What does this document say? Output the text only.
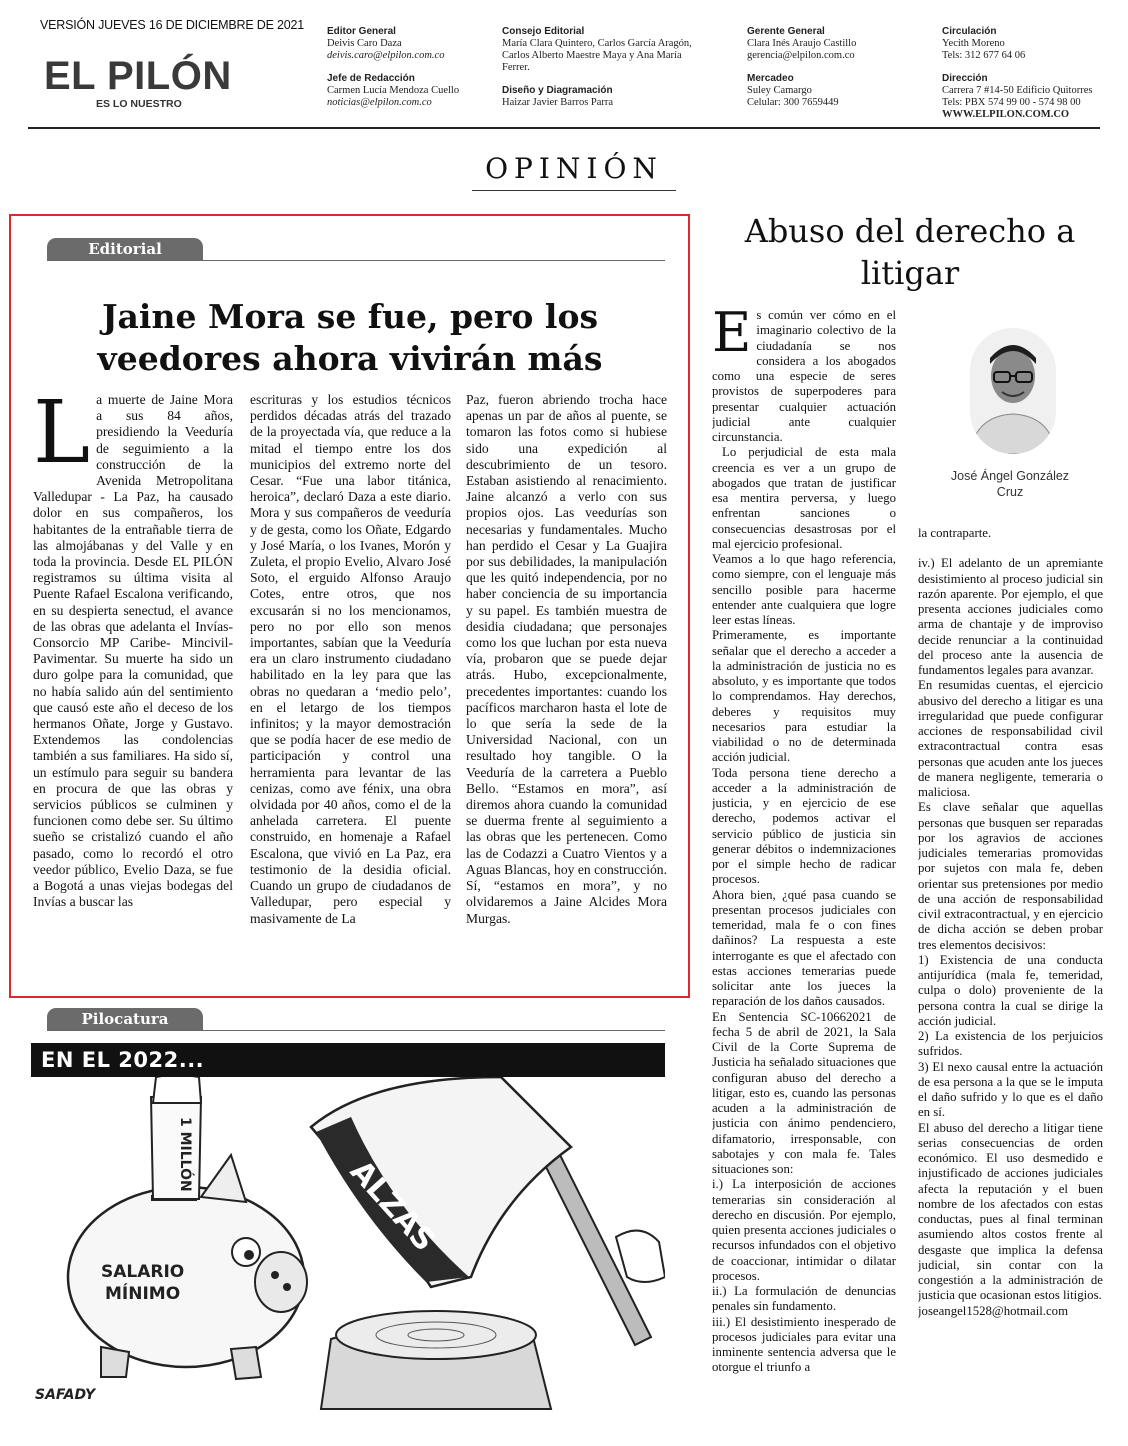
VERSIÓN JUEVES 16 DE DICIEMBRE DE 2021
EL PILÓN
ES LO NUESTRO
Editor General
Deivis Caro Daza
deivis.caro@elpilon.com.co
Jefe de Redacción
Carmen Lucía Mendoza Cuello
noticias@elpilon.com.co
Consejo Editorial
María Clara Quintero, Carlos García Aragón,
Carlos Alberto Maestre Maya y Ana María
Ferrer.
Diseño y Diagramación
Haizar Javier Barros Parra
Gerente General
Clara Inés Araujo Castillo
gerencia@elpilon.com.co
Mercadeo
Suley Camargo
Celular: 300 7659449
Circulación
Yecith Moreno
Tels: 312 677 64 06
Dirección
Carrera 7 #14-50 Edificio Quitorres
Tels: PBX 574 99 00 - 574 98 00
WWW.ELPILON.COM.CO
OPINIÓN
Editorial
Jaine Mora se fue, pero los
veedores ahora vivirán más
L a muerte de Jaine Mora a sus 84 años, presidiendo la Veeduría de seguimiento a la construcción de la Avenida Metropolitana Valledupar - La Paz, ha causado dolor en sus compañeros, los habitantes de la entrañable tierra de las almojábanas y del Valle y en toda la provincia. Desde EL PILÓN registramos su última visita al Puente Rafael Escalona verificando, en su despierta senectud, el avance de las obras que adelanta el Invías-Consorcio MP Caribe- Mincivil- Pavimentar. Su muerte ha sido un duro golpe para la comunidad, que no había salido aún del sentimiento que causó este año el deceso de los hermanos Oñate, Jorge y Gustavo. Extendemos las condolencias también a sus familiares. Ha sido sí, un estímulo para seguir su bandera en procura de que las obras y servicios públicos se culminen y funcionen como debe ser. Su último sueño se cristalizó cuando el año pasado, como lo recordó el otro veedor público, Evelio Daza, se fue a Bogotá a unas viejas bodegas del Invías a buscar las
escrituras y los estudios técnicos perdidos décadas atrás del trazado de la proyectada vía, que reduce a la mitad el tiempo entre los dos municipios del extremo norte del Cesar. “Fue una labor titánica, heroica”, declaró Daza a este diario. Mora y sus compañeros de veeduría y de gesta, como los Oñate, Edgardo y José María, o los Ivanes, Morón y Zuleta, el propio Evelio, Alvaro José Soto, el erguido Alfonso Araujo Cotes, entre otros, que nos excusarán si no los mencionamos, pero no por ello son menos importantes, sabían que la Veeduría era un claro instrumento ciudadano habilitado en la ley para que las obras no quedaran a ‘medio pelo’, en el letargo de los tiempos infinitos; y la mayor demostración que se podía hacer de ese medio de participación y control una herramienta para levantar de las cenizas, como ave fénix, una obra olvidada por 40 años, como el de la anhelada carretera. El puente construido, en homenaje a Rafael Escalona, que vivió en La Paz, era testimonio de la desidia oficial. Cuando un grupo de ciudadanos de Valledupar, pero especial y masivamente de La
Paz, fueron abriendo trocha hace apenas un par de años al puente, se tomaron las fotos como si hubiese sido una expedición al descubrimiento de un tesoro. Estaban asistiendo al renacimiento. Jaine alcanzó a verlo con sus propios ojos. Las veedurías son necesarias y fundamentales. Mucho han perdido el Cesar y La Guajira por sus debilidades, la manipulación que les quitó independencia, por no haber conciencia de su importancia y su papel. Es también muestra de desidia ciudadana; que personajes como los que luchan por esta nueva vía, probaron que se puede dejar atrás. Hubo, excepcionalmente, precedentes importantes: cuando los pacíficos marcharon hasta el lote de lo que sería la sede de la Universidad Nacional, con un resultado hoy tangible. O la Veeduría de la carretera a Pueblo Bello. “Estamos en mora”, así diremos ahora cuando la comunidad se duerma frente al seguimiento a las obras que les pertenecen. Como las de Codazzi a Cuatro Vientos y a Aguas Blancas, hoy en construcción. Sí, “estamos en mora”, y no olvidaremos a Jaine Alcides Mora Murgas.
Pilocatura
EN EL 2022...
ALZAS
SALARIO
MÍNIMO
1 MILLÓN
SAFADY
Abuso del derecho a
litigar
José Ángel González
Cruz
E s común ver cómo en el imaginario colectivo de la ciudadanía se nos considera a los abogados como una especie de seres provistos de superpoderes para presentar cualquier actuación judicial ante cualquier circunstancia.

Lo perjudicial de esta mala creencia es ver a un grupo de abogados que tratan de justificar esa mentira perversa, y luego enfrentan sanciones o consecuencias desastrosas por el mal ejercicio profesional.

Veamos a lo que hago referencia, como siempre, con el lenguaje más sencillo posible para hacerme entender ante cualquiera que logre leer estas líneas.

Primeramente, es importante señalar que el derecho a acceder a la administración de justicia no es absoluto, y es importante que todos lo comprendamos. Hay derechos, deberes y requisitos muy necesarios para estudiar la viabilidad o no de determinada acción judicial.

Toda persona tiene derecho a acceder a la administración de justicia, y en ejercicio de ese derecho, podemos activar el servicio público de justicia sin generar débitos o indemnizaciones por el simple hecho de radicar procesos.

Ahora bien, ¿qué pasa cuando se presentan procesos judiciales con temeridad, mala fe o con fines dañinos? La respuesta a este interrogante es que el afectado con estas acciones temerarias puede solicitar ante los jueces la reparación de los daños causados.

En Sentencia SC-10662021 de fecha 5 de abril de 2021, la Sala Civil de la Corte Suprema de Justicia ha señalado situaciones que configuran abuso del derecho a litigar, esto es, cuando las personas acuden a la administración de justicia con ánimo pendenciero, difamatorio, irresponsable, con sabotajes y con mala fe. Tales situaciones son:

i.) La interposición de acciones temerarias sin consideración al derecho en discusión. Por ejemplo, quien presenta acciones judiciales o recursos infundados con el objetivo de coaccionar, intimidar o dilatar procesos.

ii.) La formulación de denuncias penales sin fundamento.

iii.) El desistimiento inesperado de procesos judiciales para evitar una inminente sentencia adversa que le otorgue el triunfo a

la contraparte.

iv.) El adelanto de un apremiante desistimiento al proceso judicial sin razón aparente. Por ejemplo, el que presenta acciones judiciales como arma de chantaje y de improviso decide renunciar a la continuidad del proceso ante la ausencia de fundamentos legales para avanzar.

En resumidas cuentas, el ejercicio abusivo del derecho a litigar es una irregularidad que puede configurar acciones de responsabilidad civil extracontractual contra esas personas que acuden ante los jueces de manera negligente, temeraria o maliciosa.

Es clave señalar que aquellas personas que busquen ser reparadas por los agravios de acciones judiciales temerarias promovidas por sujetos con mala fe, deben orientar sus pretensiones por medio de una acción de responsabilidad civil extracontractual, y en ejercicio de dicha acción se deben probar tres elementos decisivos:

1) Existencia de una conducta antijurídica (mala fe, temeridad, culpa o dolo) proveniente de la persona contra la cual se dirige la acción judicial.

2) La existencia de los perjuicios sufridos.

3) El nexo causal entre la actuación de esa persona a la que se le imputa el daño sufrido y lo que es el daño en sí.

El abuso del derecho a litigar tiene serias consecuencias de orden económico. El uso desmedido e injustificado de acciones judiciales afecta la reputación y el buen nombre de los afectados con estas conductas, pues al final terminan asumiendo altos costos frente al desgaste que implica la defensa judicial, sin contar con la congestión a la administración de justicia que ocasionan estos litigios.

joseangel1528@hotmail.com
